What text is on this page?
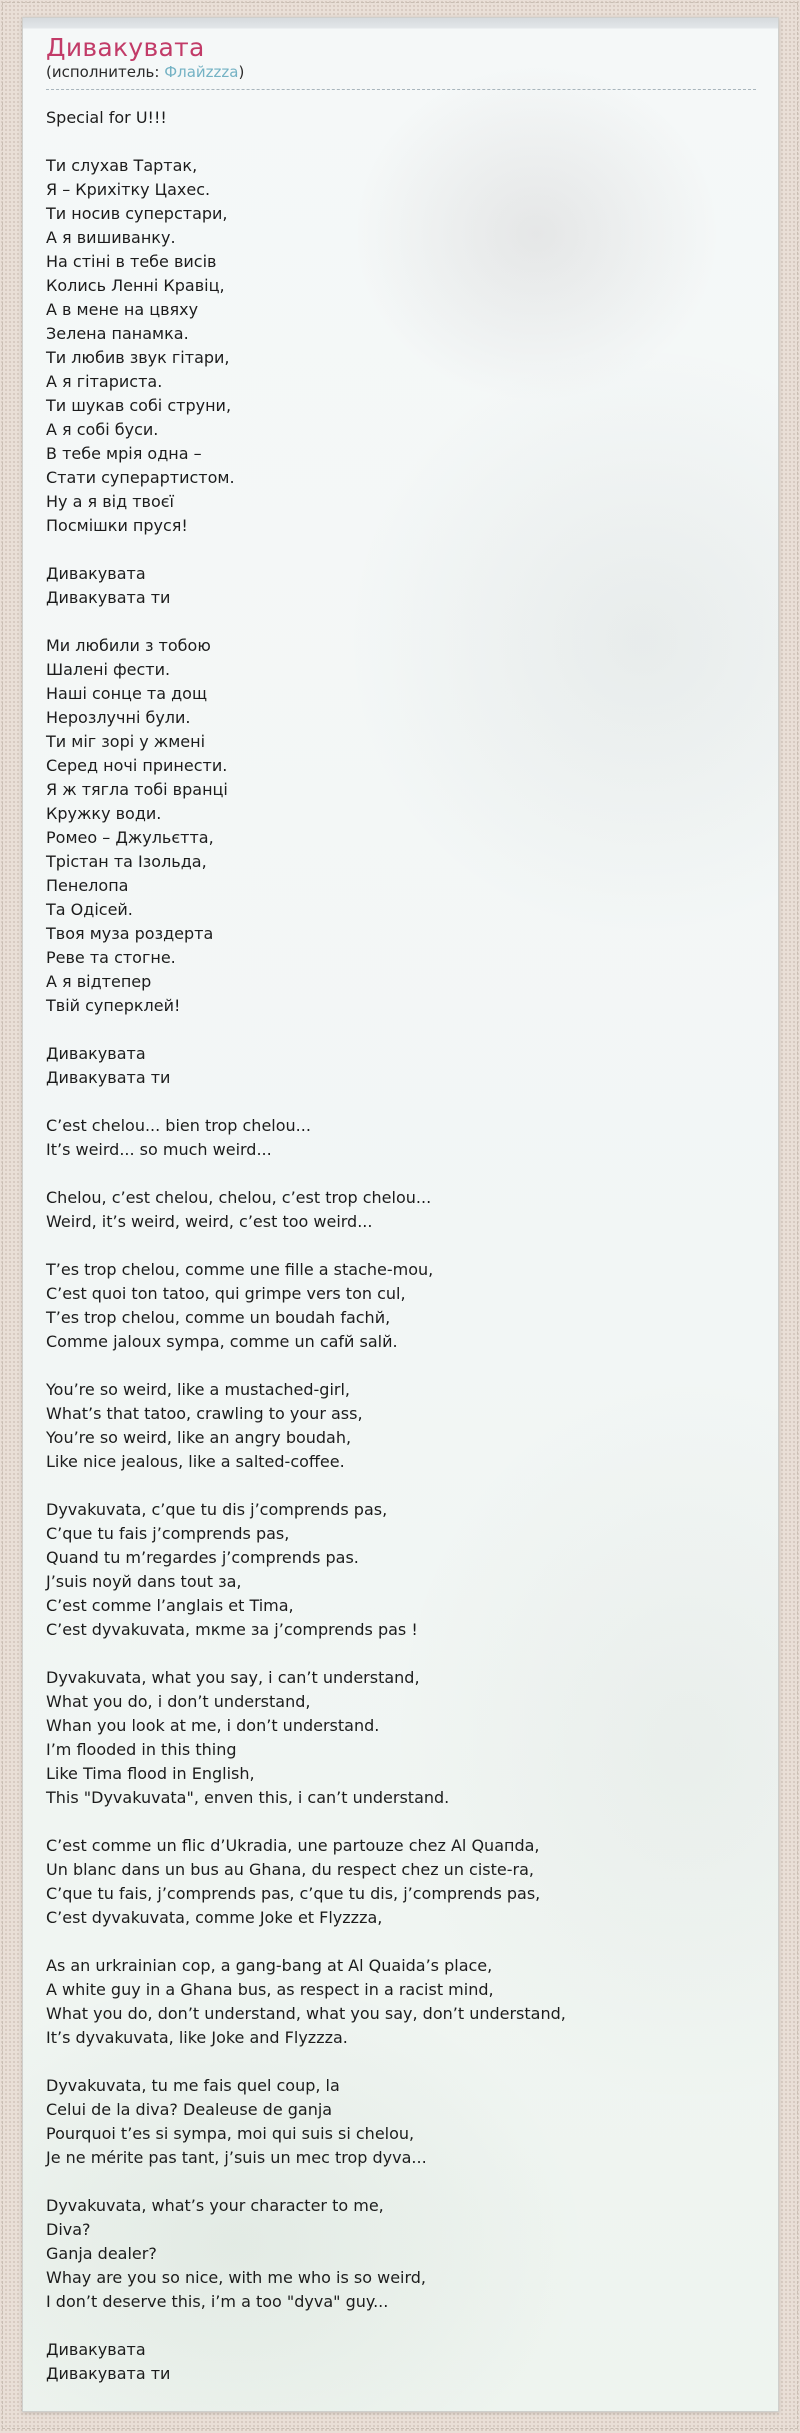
Дивакувата
(исполнитель: Флайzzza)
Special for U!!!
Ти слухав Тартак,
Я – Крихітку Цахес.
Ти носив суперстари,
А я вишиванку.
На стіні в тебе висів
Колись Ленні Кравіц,
А в мене на цвяху
Зелена панамка.
Ти любив звук гітари,
А я гітариста.
Ти шукав собі струни,
А я собі буси.
В тебе мрія одна –
Стати суперартистом.
Ну а я від твоєї
Посмішки пруся!
Дивакувата
Дивакувата ти
Ми любили з тобою
Шалені фести.
Наші сонце та дощ
Нерозлучні були.
Ти міг зорі у жмені
Серед ночі принести.
Я ж тягла тобі вранці
Кружку води.
Ромео – Джульєтта,
Трістан та Ізольда,
Пенелопа
Та Одісей.
Твоя муза роздерта
Реве та стогне.
А я відтепер
Твій суперклей!
Дивакувата
Дивакувата ти
C’est chelou... bien trop chelou...
It’s weird... so much weird...
Chelou, c’est chelou, chelou, c’est trop chelou...
Weird, it’s weird, weird, c’est too weird...
T’es trop chelou, comme une fille a stache-mou,
C’est quoi ton tatoo, qui grimpe vers ton cul,
T’es trop chelou, comme un boudah fachй,
Comme jaloux sympa, comme un cafй salй.
You’re so weird, like a mustached-girl,
What’s that tatoo, crawling to your ass,
You’re so weird, like an angry boudah,
Like nice jealous, like a salted-coffee.
Dyvakuvata, c’que tu dis j’comprends pas,
C’que tu fais j’comprends pas,
Quand tu m’regardes j’comprends pas.
J’suis noyй dans tout за,
C’est comme l’anglais et Tima,
C’est dyvakuvata, mкme за j’comprends pas !
Dyvakuvata, what you say, i can’t understand,
What you do, i don’t understand,
Whan you look at me, i don’t understand.
I’m flooded in this thing
Like Tima flood in English,
This "Dyvakuvata", enven this, i can’t understand.
C’est comme un flic d’Ukradia, une partouze chez Al Quaпda,
Un blanc dans un bus au Ghana, du respect chez un ciste-ra,
C’que tu fais, j’comprends pas, c’que tu dis, j’comprends pas,
C’est dyvakuvata, comme Joke et Flyzzza,
As an urkrainian cop, a gang-bang at Al Quaida’s place,
A white guy in a Ghana bus, as respect in a racist mind,
What you do, don’t understand, what you say, don’t understand,
It’s dyvakuvata, like Joke and Flyzzza.
Dyvakuvata, tu me fais quel coup, la
Celui de la diva? Dealeuse de ganja
Pourquoi t’es si sympa, moi qui suis si chelou,
Je ne mérite pas tant, j’suis un mec trop dyva...
Dyvakuvata, what’s your character to me,
Diva?
Ganja dealer?
Whay are you so nice, with me who is so weird,
I don’t deserve this, i’m a too "dyva" guy...
Дивакувата
Дивакувата ти
